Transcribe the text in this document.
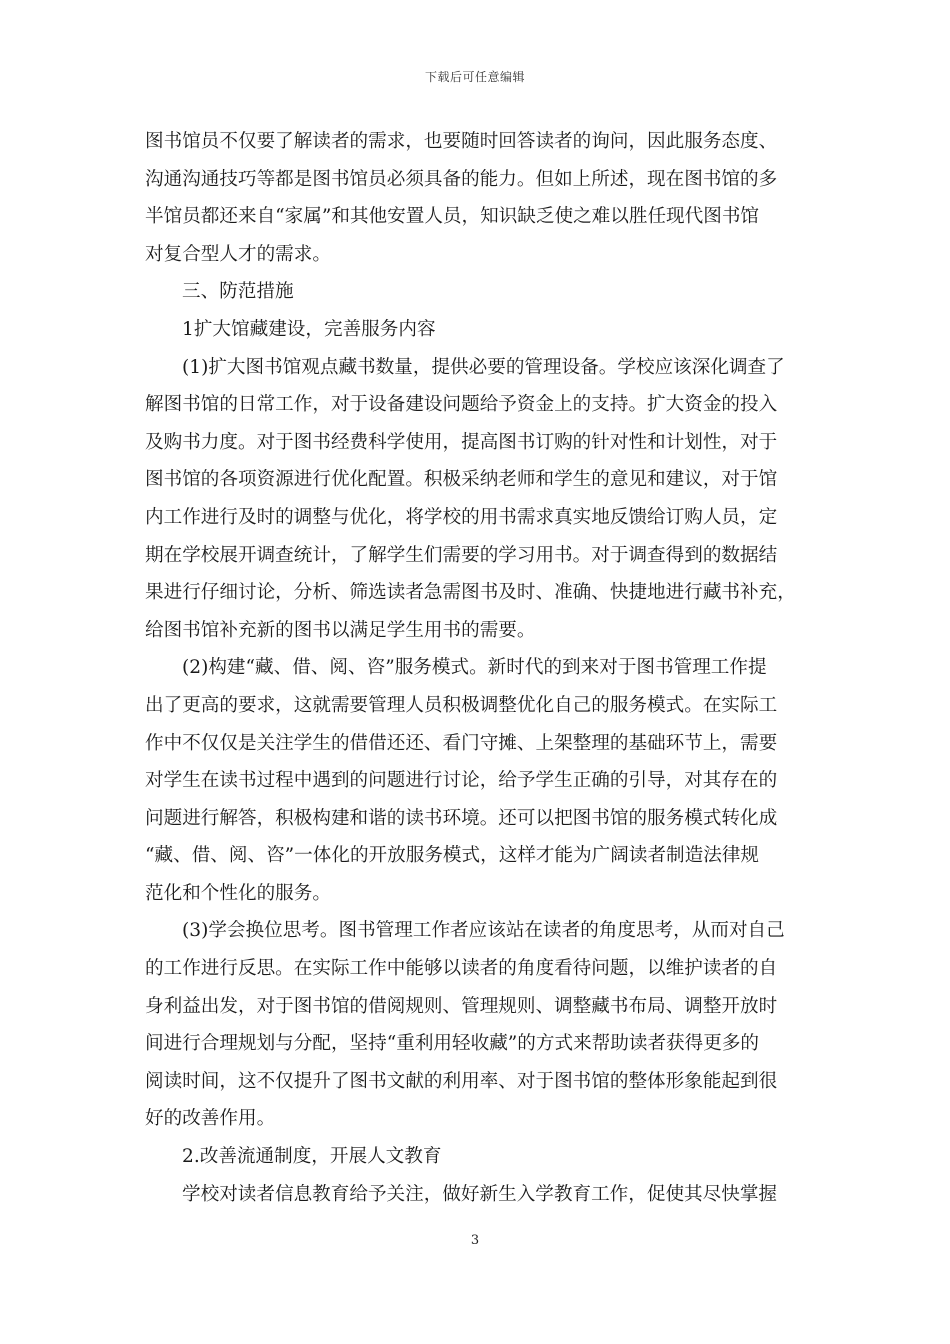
下载后可任意编辑
图书馆员不仅要了解读者的需求，也要随时回答读者的询问，因此服务态度、
沟通沟通技巧等都是图书馆员必须具备的能力。但如上所述，现在图书馆的多
半馆员都还来自“家属”和其他安置人员，知识缺乏使之难以胜任现代图书馆
对复合型人才的需求。
三、防范措施
1扩大馆藏建设，完善服务内容
(1)扩大图书馆观点藏书数量，提供必要的管理设备。学校应该深化调查了
解图书馆的日常工作，对于设备建设问题给予资金上的支持。扩大资金的投入
及购书力度。对于图书经费科学使用，提高图书订购的针对性和计划性，对于
图书馆的各项资源进行优化配置。积极采纳老师和学生的意见和建议，对于馆
内工作进行及时的调整与优化，将学校的用书需求真实地反馈给订购人员，定
期在学校展开调查统计，了解学生们需要的学习用书。对于调查得到的数据结
果进行仔细讨论，分析、筛选读者急需图书及时、准确、快捷地进行藏书补充，
给图书馆补充新的图书以满足学生用书的需要。
(2)构建“藏、借、阅、咨”服务模式。新时代的到来对于图书管理工作提
出了更高的要求，这就需要管理人员积极调整优化自己的服务模式。在实际工
作中不仅仅是关注学生的借借还还、看门守摊、上架整理的基础环节上，需要
对学生在读书过程中遇到的问题进行讨论，给予学生正确的引导，对其存在的
问题进行解答，积极构建和谐的读书环境。还可以把图书馆的服务模式转化成
“藏、借、阅、咨”一体化的开放服务模式，这样才能为广阔读者制造法律规
范化和个性化的服务。
(3)学会换位思考。图书管理工作者应该站在读者的角度思考，从而对自己
的工作进行反思。在实际工作中能够以读者的角度看待问题，以维护读者的自
身利益出发，对于图书馆的借阅规则、管理规则、调整藏书布局、调整开放时
间进行合理规划与分配，坚持“重利用轻收藏”的方式来帮助读者获得更多的
阅读时间，这不仅提升了图书文献的利用率、对于图书馆的整体形象能起到很
好的改善作用。
2.改善流通制度，开展人文教育
学校对读者信息教育给予关注，做好新生入学教育工作，促使其尽快掌握
3
